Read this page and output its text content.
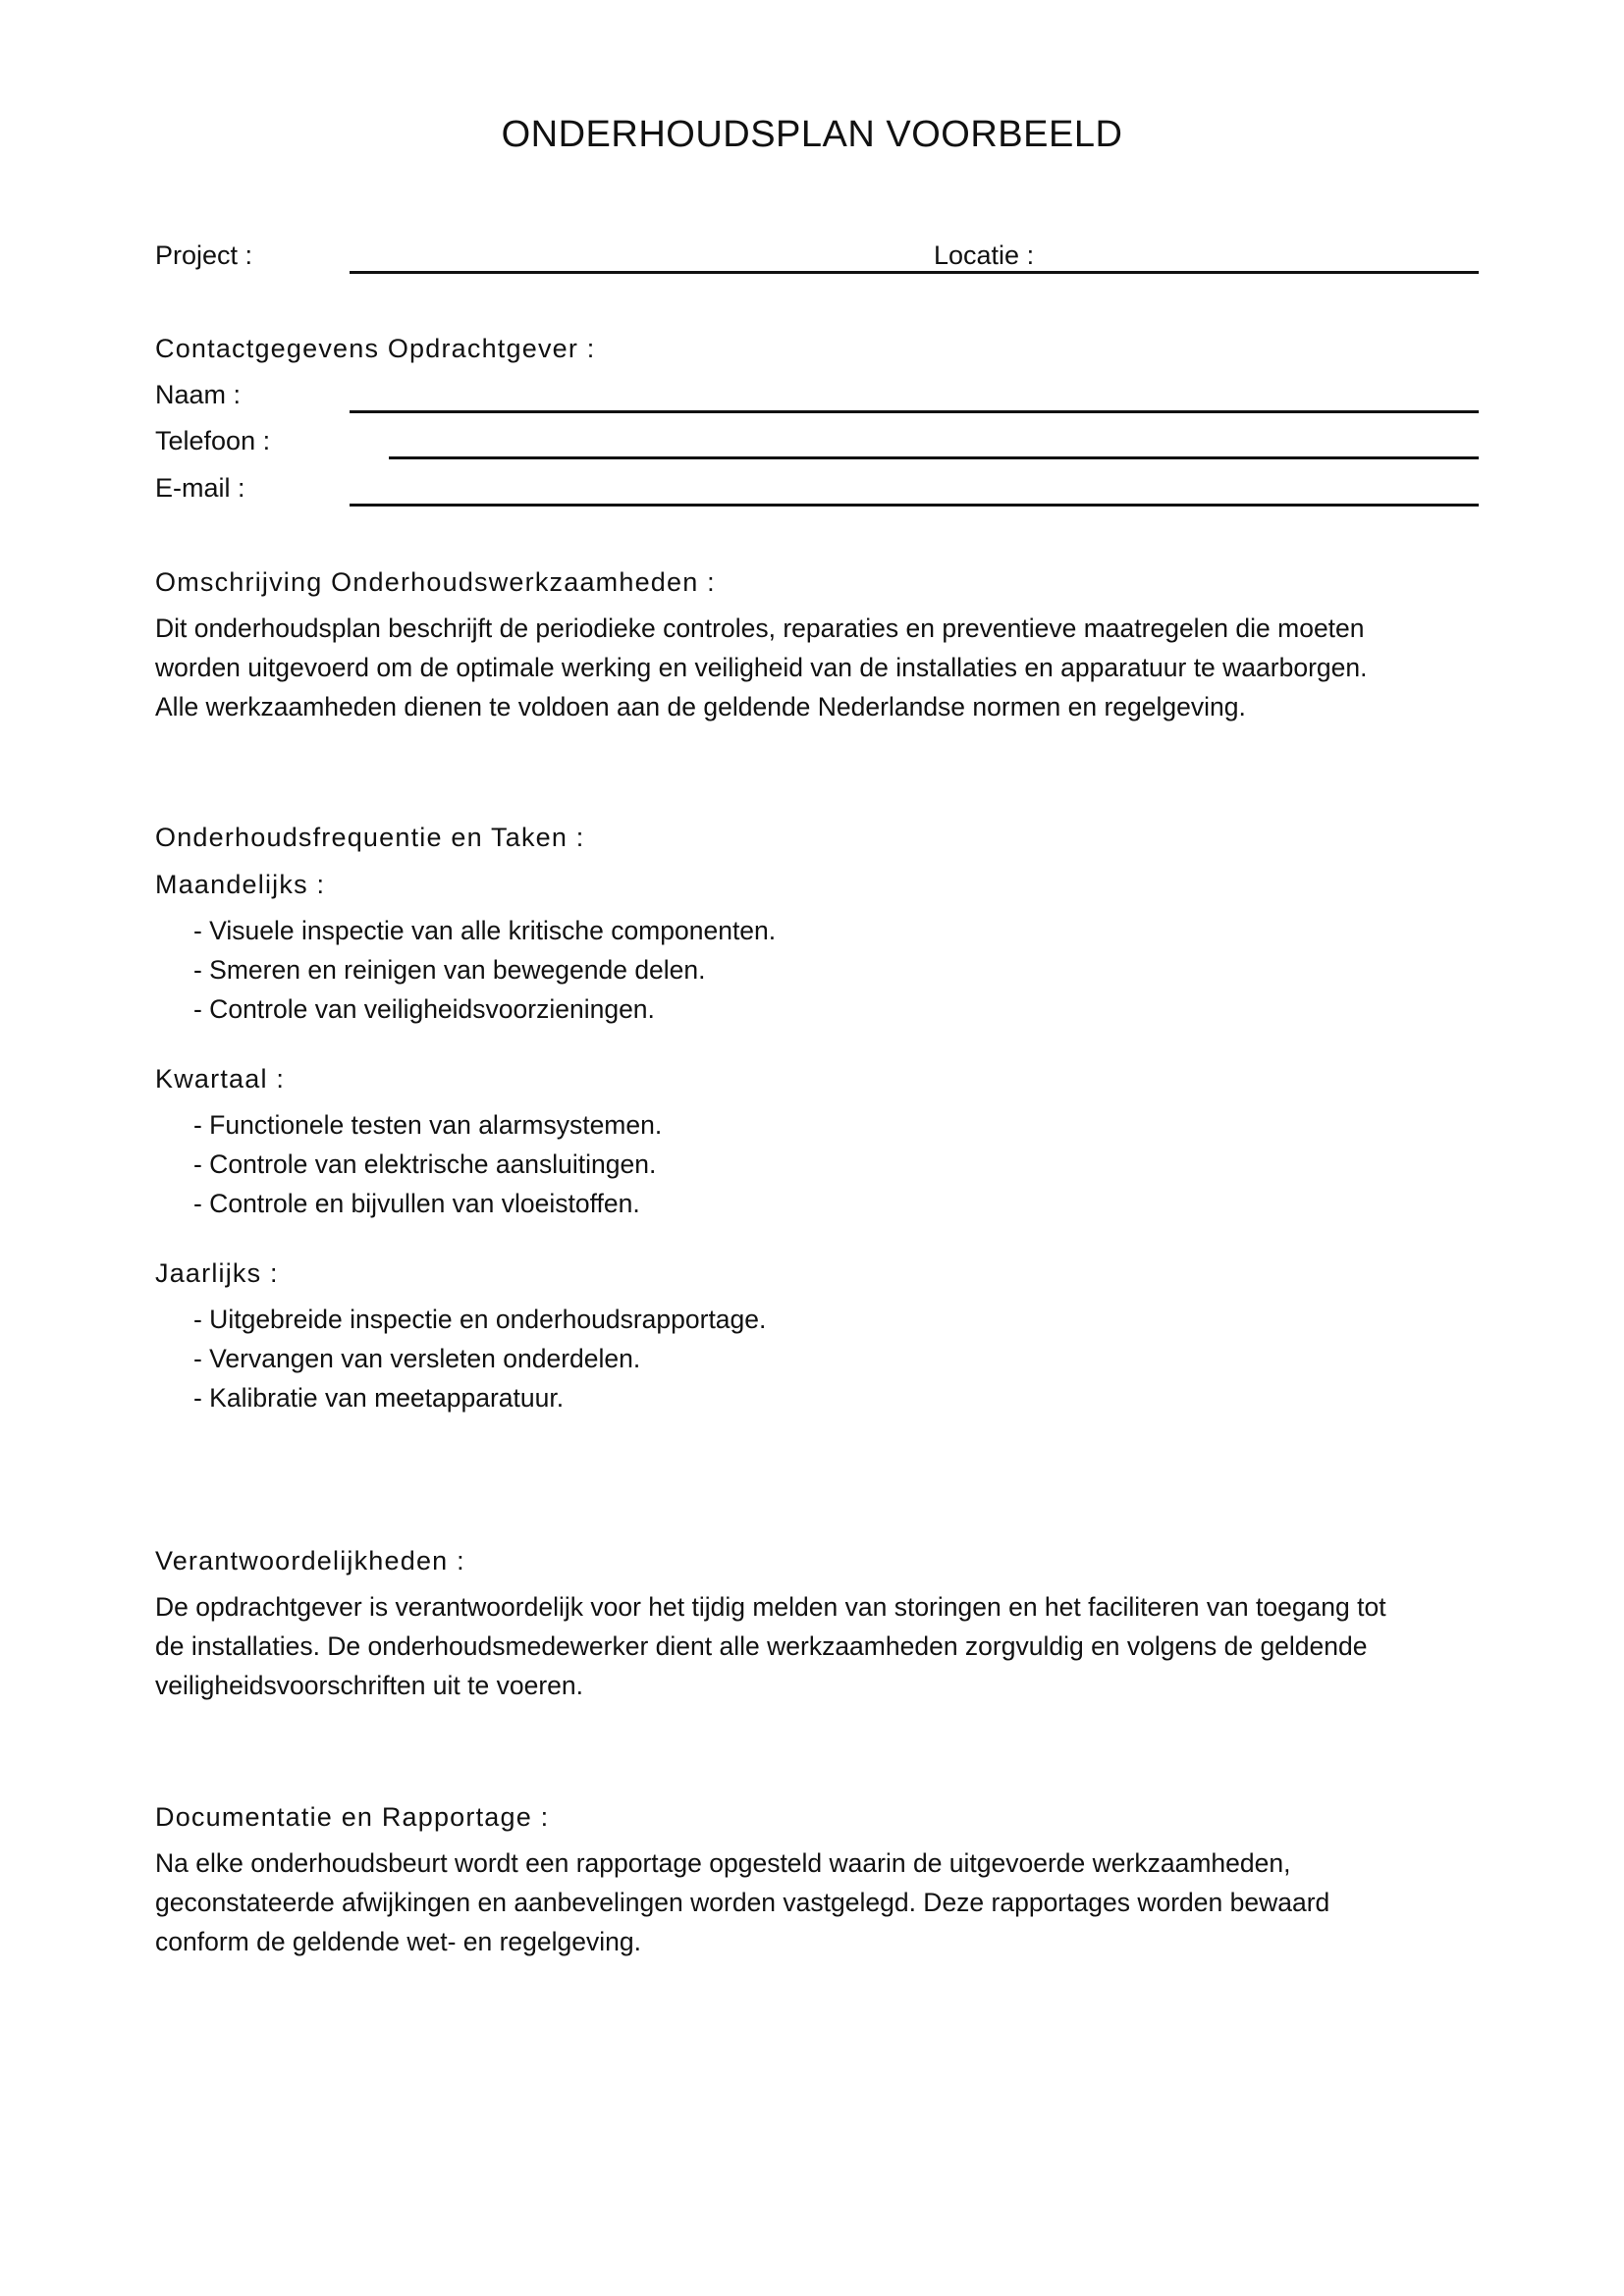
ONDERHOUDSPLAN VOORBEELD
Project :	Locatie :
Contactgegevens Opdrachtgever :
Naam :
Telefoon :
E-mail :
Omschrijving Onderhoudswerkzaamheden :
Dit onderhoudsplan beschrijft de periodieke controles, reparaties en preventieve maatregelen die moeten
worden uitgevoerd om de optimale werking en veiligheid van de installaties en apparatuur te waarborgen.
Alle werkzaamheden dienen te voldoen aan de geldende Nederlandse normen en regelgeving.
Onderhoudsfrequentie en Taken :
Maandelijks :
- Visuele inspectie van alle kritische componenten.
- Smeren en reinigen van bewegende delen.
- Controle van veiligheidsvoorzieningen.
Kwartaal :
- Functionele testen van alarmsystemen.
- Controle van elektrische aansluitingen.
- Controle en bijvullen van vloeistoffen.
Jaarlijks :
- Uitgebreide inspectie en onderhoudsrapportage.
- Vervangen van versleten onderdelen.
- Kalibratie van meetapparatuur.
Verantwoordelijkheden :
De opdrachtgever is verantwoordelijk voor het tijdig melden van storingen en het faciliteren van toegang tot
de installaties. De onderhoudsmedewerker dient alle werkzaamheden zorgvuldig en volgens de geldende
veiligheidsvoorschriften uit te voeren.
Documentatie en Rapportage :
Na elke onderhoudsbeurt wordt een rapportage opgesteld waarin de uitgevoerde werkzaamheden,
geconstateerde afwijkingen en aanbevelingen worden vastgelegd. Deze rapportages worden bewaard
conform de geldende wet- en regelgeving.
